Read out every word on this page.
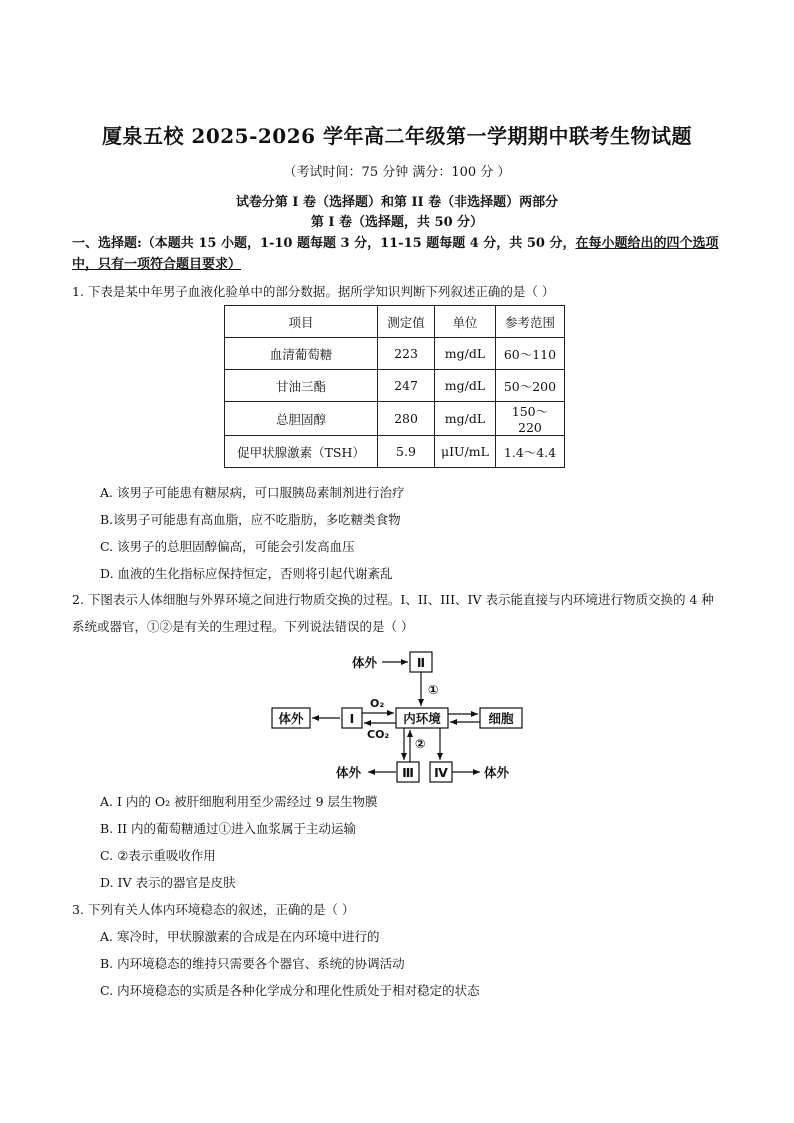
厦泉五校 2025-2026 学年高二年级第一学期期中联考生物试题
（考试时间：75 分钟 满分：100 分 ）
试卷分第 I 卷（选择题）和第 II 卷（非选择题）两部分
第 I 卷（选择题，共 50 分）
一、选择题:（本题共 15 小题，1-10 题每题 3 分，11-15 题每题 4 分，共 50 分，在每小题给出的四个选项中，只有一项符合题目要求）
1. 下表是某中年男子血液化验单中的部分数据。据所学知识判断下列叙述正确的是（ ）
项目	测定值	单位	参考范围
血清葡萄糖	223	mg/dL	60～110
甘油三酯	247	mg/dL	50～200
总胆固醇	280	mg/dL	150～220
促甲状腺激素（TSH）	5.9	μIU/mL	1.4～4.4
A. 该男子可能患有糖尿病，可口服胰岛素制剂进行治疗
B.该男子可能患有高血脂，应不吃脂肪，多吃糖类食物
C. 该男子的总胆固醇偏高，可能会引发高血压
D. 血液的生化指标应保持恒定，否则将引起代谢紊乱
2. 下图表示人体细胞与外界环境之间进行物质交换的过程。I、II、III、IV 表示能直接与内环境进行物质交换的 4 种系统或器官，①②是有关的生理过程。下列说法错误的是（ ）
体外	Ⅱ
①
体外	Ⅰ
O₂
CO₂
内环境	细胞
②
体外	Ⅲ Ⅳ	体外
A. I 内的 O₂ 被肝细胞利用至少需经过 9 层生物膜
B. II 内的葡萄糖通过①进入血浆属于主动运输
C. ②表示重吸收作用
D. IV 表示的器官是皮肤
3. 下列有关人体内环境稳态的叙述，正确的是（ ）
A. 寒冷时，甲状腺激素的合成是在内环境中进行的
B. 内环境稳态的维持只需要各个器官、系统的协调活动
C. 内环境稳态的实质是各种化学成分和理化性质处于相对稳定的状态
